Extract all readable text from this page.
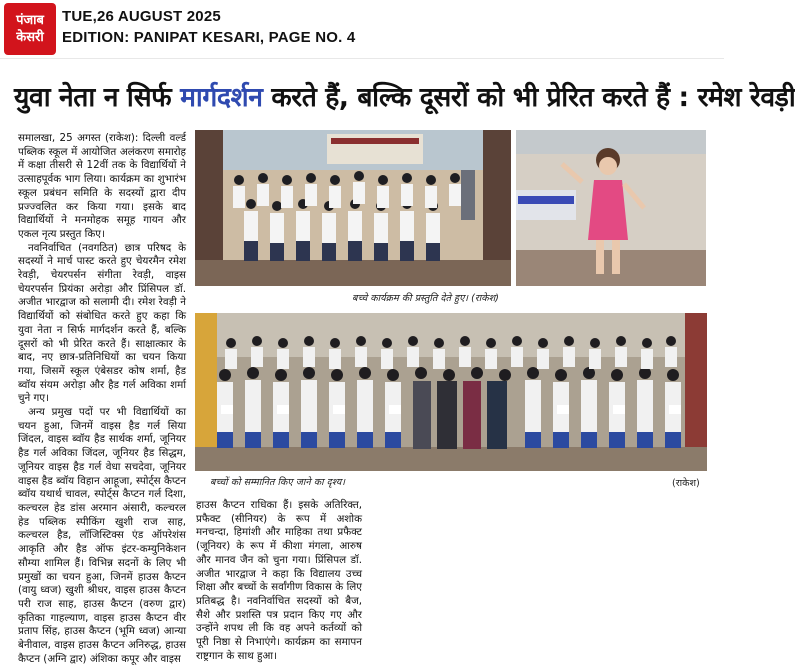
पंजाब
केसरी
TUE,26 AUGUST 2025
EDITION: PANIPAT KESARI, PAGE NO. 4
युवा नेता न सिर्फ मार्गदर्शन करते हैं, बल्कि दूसरों को भी प्रेरित करते हैं : रमेश रेवड़ी
बच्चे कार्यक्रम की प्रस्तुति देते हुए। (राकेश)
बच्चों को सम्मानित किए जाने का दृश्य।	(राकेश)

समालखा, 25 अगस्त (राकेश): दिल्ली वर्ल्ड पब्लिक स्कूल में आयोजित अलंकरण समारोह में कक्षा तीसरी से 12वीं तक के विद्यार्थियों ने उत्साहपूर्वक भाग लिया। कार्यक्रम का शुभारंभ स्कूल प्रबंधन समिति के सदस्यों द्वारा दीप प्रज्ज्वलित कर किया गया। इसके बाद विद्यार्थियों ने मनमोहक समूह गायन और एकल नृत्य प्रस्तुत किए।

नवनिर्वाचित (नवगठित) छात्र परिषद के सदस्यों ने मार्च पास्ट करते हुए चेयरमैन रमेश रेवड़ी, चेयरपर्सन संगीता रेवड़ी, वाइस चेयरपर्सन प्रियंका अरोड़ा और प्रिंसिपल डॉ. अजीत भारद्वाज को सलामी दी। रमेश रेवड़ी ने विद्यार्थियों को संबोधित करते हुए कहा कि युवा नेता न सिर्फ मार्गदर्शन करते हैं, बल्कि दूसरों को भी प्रेरित करते हैं। साक्षात्कार के बाद, नए छात्र-प्रतिनिधियों का चयन किया गया, जिसमें स्कूल एंबेसडर कोष शर्मा, हैड ब्वॉय संयम अरोड़ा और हैड गर्ल अविका शर्मा चुने गए।

अन्य प्रमुख पदों पर भी विद्यार्थियों का चयन हुआ, जिनमें वाइस हैड गर्ल सिया जिंदल, वाइस ब्वॉय हैड सार्थक शर्मा, जूनियर हैड गर्ल अविका जिंदल, जूनियर हैड सिद्धम, जूनियर वाइस हैड गर्ल वेधा सचदेवा, जूनियर वाइस हैड ब्वॉय विहान आहूजा, स्पोर्ट्स कैप्टन ब्वॉय यथार्थ चावल, स्पोर्ट्स कैप्टन गर्ल दिशा, कल्चरल हेड डांस अरमान अंसारी, कल्चरल हेड पब्लिक स्पीकिंग खुशी राज साह, कल्चरल हैड, लॉजिस्टिक्स एंड ऑपरेशंस आकृति और हैड ऑफ इंटर-कम्युनिकेशन सौम्या शामिल हैं। विभिन्न सदनों के लिए भी प्रमुखों का चयन हुआ, जिनमें हाउस कैप्टन (वायु ध्वज) खुशी श्रीधर, वाइस हाउस कैप्टन परी राज साह, हाउस कैप्टन (वरुण द्वार) कृतिका गाहल्याण, वाइस हाउस कैप्टन वीर प्रताप सिंह, हाउस कैप्टन (भूमि ध्वज) आन्या बेनीवाल, वाइस हाउस कैप्टन अनिरुद्ध, हाउस कैप्टन (अग्नि द्वार) अंशिका कपूर और वाइस

हाउस कैप्टन राधिका हैं। इसके अतिरिक्त, प्रफैक्ट (सीनियर) के रूप में अशोक मनचन्दा, हिमांशी और माहिका तथा प्रफैक्ट (जूनियर) के रूप में कीशा मंगला, आरुष और मानव जैन को चुना गया। प्रिंसिपल डॉ. अजीत भारद्वाज ने कहा कि विद्यालय उच्च शिक्षा और बच्चों के सर्वांगीण विकास के लिए प्रतिबद्ध है। नवनिर्वाचित सदस्यों को बैज, सैशे और प्रशस्ति पत्र प्रदान किए गए और उन्होंने शपथ ली कि वह अपने कर्तव्यों को पूरी निष्ठा से निभाएंगे। कार्यक्रम का समापन राष्ट्रगान के साथ हुआ।
